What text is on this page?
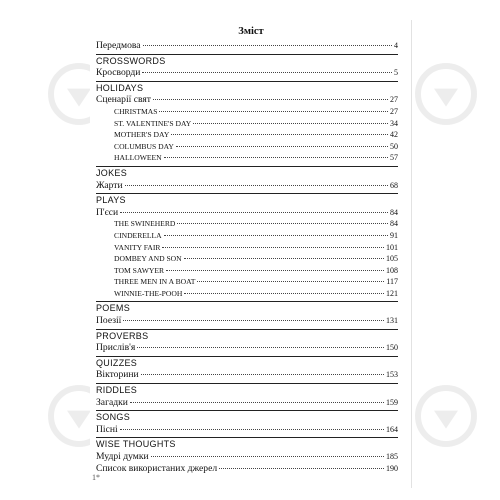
Зміст
Передмова	4
CROSSWORDS
Кросворди	5
HOLIDAYS
Сценарії свят	27
CHRISTMAS	27
ST. VALENTINE'S DAY	34
MOTHER'S DAY	42
COLUMBUS DAY	50
HALLOWEEN	57
JOKES
Жарти	68
PLAYS
П'єси	84
THE SWINEHERD	84
CINDERELLA	91
VANITY FAIR	101
DOMBEY AND SON	105
TOM SAWYER	108
THREE MEN IN A BOAT	117
WINNIE-THE-POOH	121
POEMS
Поезії	131
PROVERBS
Прислів'я	150
QUIZZES
Вікторини	153
RIDDLES
Загадки	159
SONGS
Пісні	164
WISE THOUGHTS
Мудрі думки	185
Список використаних джерел	190
1*
